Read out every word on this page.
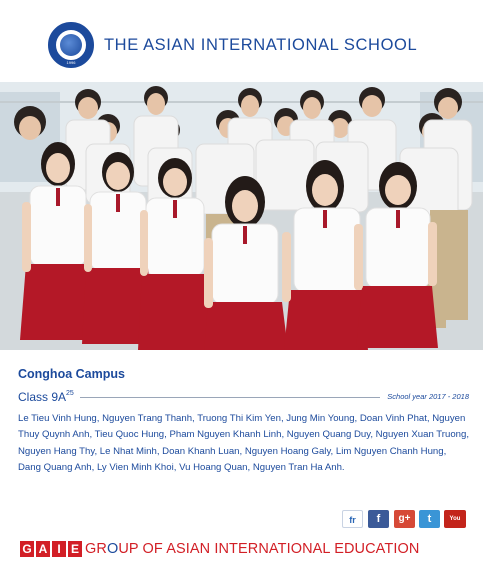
1996
THE ASIAN INTERNATIONAL SCHOOL
Conghoa Campus
Class $9A^{25}$	School year 2017 - 2018
Le Tieu Vinh Hung, Nguyen Trang Thanh, Truong Thi Kim Yen, Jung Min Young, Doan Vinh Phat, Nguyen Thuy Quynh Anh, Tieu Quoc Hung, Pham Nguyen Khanh Linh, Nguyen Quang Duy, Nguyen Xuan Truong, Nguyen Hang Thy, Le Nhat Minh, Doan Khanh Luan, Nguyen Hoang Galy, Lim Nguyen Chanh Hung, Dang Quang Anh, Ly Vien Minh Khoi, Vu Hoang Quan, Nguyen Tran Ha Anh.
fr	f	g+	t	You Tube
G A I E GROUP OF ASIAN INTERNATIONAL EDUCATION
